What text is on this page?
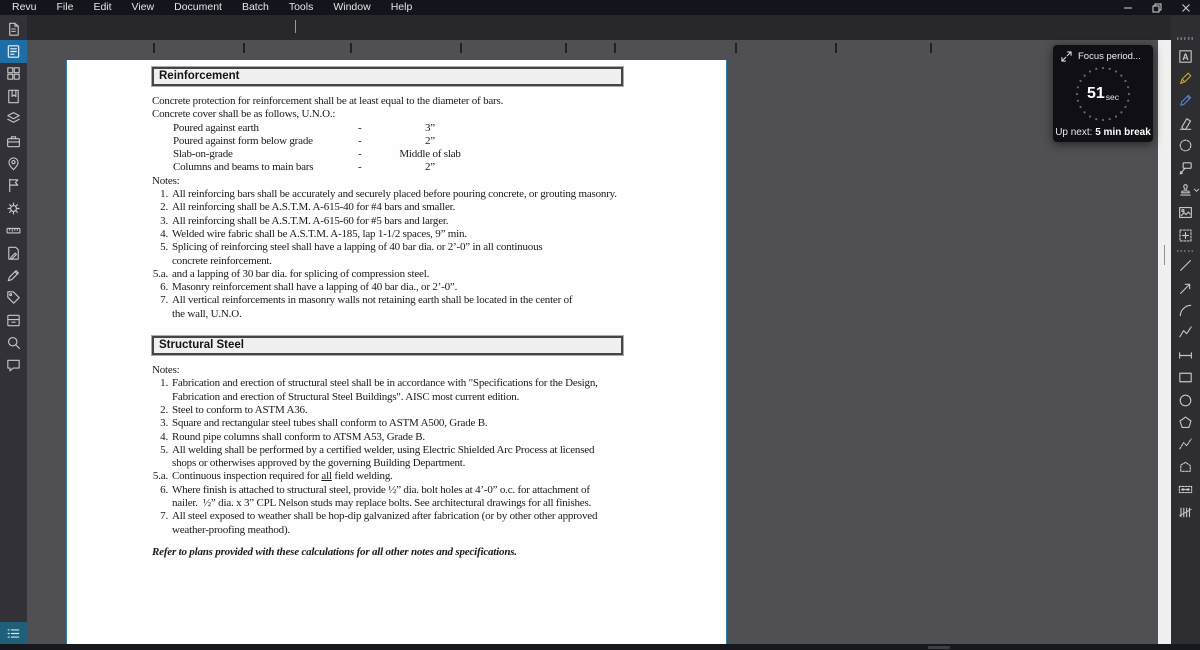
Revu	File	Edit	View	Document	Batch	Tools	Window	Help
Reinforcement
Concrete protection for reinforcement shall be at least equal to the diameter of bars.
Concrete cover shall be as follows, U.N.O.:
Poured against earth	-	3”
Poured against form below grade	-	2”
Slab-on-grade	-	Middle of slab
Columns and beams to main bars	-	2”
Notes:
1. All reinforcing bars shall be accurately and securely placed before pouring concrete, or grouting masonry.
2. All reinforcing shall be A.S.T.M. A-615-40 for #4 bars and smaller.
3. All reinforcing shall be A.S.T.M. A-615-60 for #5 bars and larger.
4. Welded wire fabric shall be A.S.T.M. A-185, lap 1-1/2 spaces, 9” min.
5. Splicing of reinforcing steel shall have a lapping of 40 bar dia. or 2’-0” in all continuous
concrete reinforcement.
5.a. and a lapping of 30 bar dia. for splicing of compression steel.
6. Masonry reinforcement shall have a lapping of 40 bar dia., or 2’-0”.
7. All vertical reinforcements in masonry walls not retaining earth shall be located in the center of
the wall, U.N.O.
Structural Steel
Notes:
1. Fabrication and erection of structural steel shall be in accordance with "Specifications for the Design,
Fabrication and erection of Structural Steel Buildings". AISC most current edition.
2. Steel to conform to ASTM A36.
3. Square and rectangular steel tubes shall conform to ASTM A500, Grade B.
4. Round pipe columns shall conform to ATSM A53, Grade B.
5. All welding shall be performed by a certified welder, using Electric Shielded Arc Process at licensed
shops or otherwises approved by the governing Building Department.
5.a. Continuous inspection required for all field welding.
6. Where finish is attached to structural steel, provide ½” dia. bolt holes at 4’-0” o.c. for attachment of
nailer.  ½” dia. x 3” CPL Nelson studs may replace bolts. See architectural drawings for all finishes.
7. All steel exposed to weather shall be hop-dip galvanized after fabrication (or by other other approved
weather-proofing meathod).
Refer to plans provided with these calculations for all other notes and specifications.
A
Focus period...
51 sec
Up next: 5 min break
